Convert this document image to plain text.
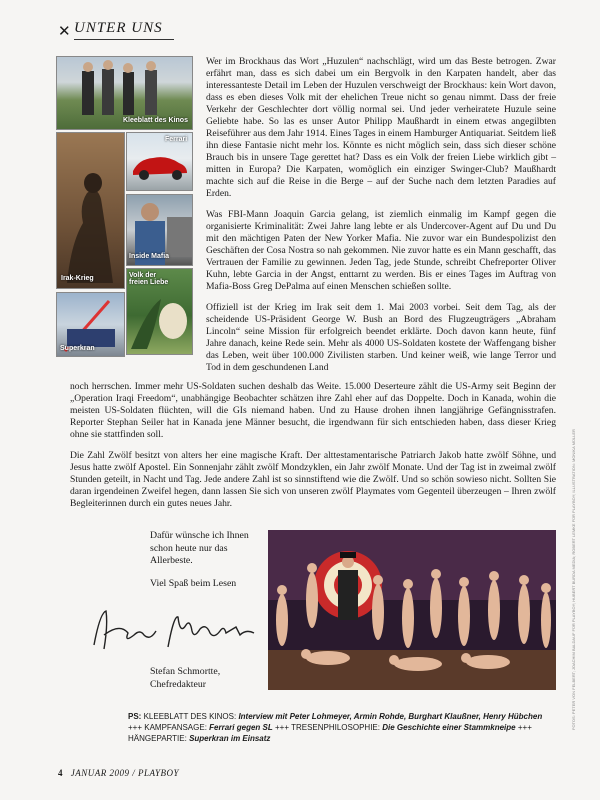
✕ UNTER UNS
Kleeblatt des Kinos
Ferrari
Irak-Krieg
Inside Mafia
Volk der freien Liebe
Superkran

Wer im Brockhaus das Wort „Huzulen“ nachschlägt, wird um das Beste betrogen. Zwar erfährt man, dass es sich dabei um ein Bergvolk in den Karpaten handelt, aber das interessanteste Detail im Leben der Huzulen verschweigt der Brockhaus: kein Wort davon, dass es eben dieses Volk mit der ehelichen Treue nicht so genau nimmt. Dass der freie Verkehr der Geschlechter dort völlig normal sei. Und jeder verheiratete Huzule seine Geliebte habe. So las es unser Autor Philipp Maußhardt in einem etwas angegilbten Reiseführer aus dem Jahr 1914. Eines Tages in einem Hamburger Antiquariat. Seitdem ließ ihn diese Fantasie nicht mehr los. Könnte es nicht möglich sein, dass sich dieser schöne Brauch bis in unsere Tage gerettet hat? Dass es ein Volk der freien Liebe wirklich gibt – mitten in Europa? Die Karpaten, womöglich ein einziger Swinger-Club? Maußhardt machte sich auf die Reise in die Berge – auf der Suche nach dem letzten Paradies auf Erden.

Was FBI-Mann Joaquin Garcia gelang, ist ziemlich einmalig im Kampf gegen die organisierte Kriminalität: Zwei Jahre lang lebte er als Undercover-Agent auf Du und Du mit den mächtigen Paten der New Yorker Mafia. Nie zuvor war ein Bundespolizist den Geschäften der Cosa Nostra so nah gekommen. Nie zuvor hatte es ein Mann geschafft, das Vertrauen der Familie zu gewinnen. Jeden Tag, jede Stunde, schreibt Chefreporter Oliver Kuhn, lebte Garcia in der Angst, enttarnt zu werden. Bis er eines Tages im Auftrag von Mafia-Boss Greg DePalma auf einen Menschen schießen sollte.

Offiziell ist der Krieg im Irak seit dem 1. Mai 2003 vorbei. Seit dem Tag, als der scheidende US-Präsident George W. Bush an Bord des Flugzeugträgers „Abraham Lincoln“ seine Mission für erfolgreich beendet erklärte. Doch davon kann heute, fünf Jahre danach, keine Rede sein. Mehr als 4000 US-Soldaten kostete der Waffengang bisher das Leben, weit über 100.000 Zivilisten starben. Und keiner weiß, wie lange Terror und Tod in dem geschundenen Land

noch herrschen. Immer mehr US-Soldaten suchen deshalb das Weite. 15.000 Deserteure zählt die US-Army seit Beginn der „Operation Iraqi Freedom“, unabhängige Beobachter schätzen ihre Zahl eher auf das Doppelte. Doch in Kanada, wohin die meisten US-Soldaten flüchten, will die GIs niemand haben. Und zu Hause drohen ihnen langjährige Gefängnisstrafen. Reporter Stephan Seiler hat in Kanada jene Männer besucht, die irgendwann für sich entschieden haben, dass dieser Krieg ohne sie stattfinden soll.

Die Zahl Zwölf besitzt von alters her eine magische Kraft. Der alttestamentarische Patriarch Jakob hatte zwölf Söhne, und Jesus hatte zwölf Apostel. Ein Sonnenjahr zählt zwölf Mondzyklen, ein Jahr zwölf Monate. Und der Tag ist in zweimal zwölf Stunden geteilt, in Nacht und Tag. Jede andere Zahl ist so sinnstiftend wie die Zwölf. Und so schön sowieso nicht. Sollten Sie daran irgendeinen Zweifel hegen, dann lassen Sie sich von unseren zwölf Playmates vom Gegenteil überzeugen – Ihren zwölf Begleiterinnen durch ein gutes neues Jahr.

Dafür wünsche ich Ihnen schon heute nur das Allerbeste.

Viel Spaß beim Lesen

Stefan Schmortte,
Chefredakteur
PS: KLEEBLATT DES KINOS: Interview mit Peter Lohmeyer, Armin Rohde, Burghart Klaußner, Henry Hübchen +++ KAMPFANSAGE: Ferrari gegen SL +++ TRESENPHILOSOPHIE: Die Geschichte einer Stammkneipe +++ HÄNGEPARTIE: Superkran im Einsatz
4 JANUAR 2009 / PLAYBOY
FOTOS: PETER VON FELBERT; JOACHIM BALDAUF FÜR PLAYBOY; HUBERT BURDA MEDIA; ROBERT LEMKE FÜR PLAYBOY; ILLUSTRATION: MONIKA MÜLLER
